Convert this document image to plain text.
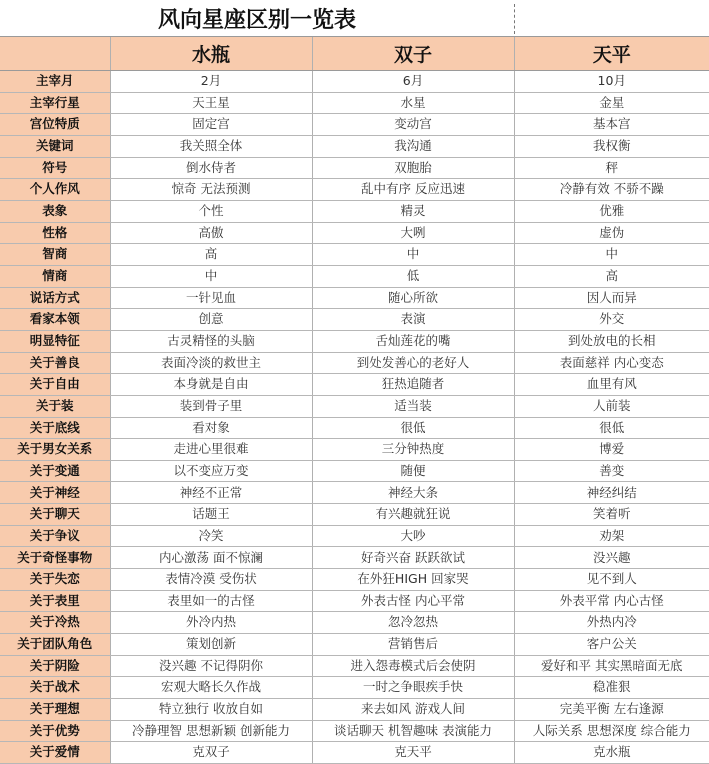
风向星座区别一览表
	水瓶	双子	天平
主宰月	2月	6月	10月
主宰行星	天王星	水星	金星
宫位特质	固定宫	变动宫	基本宫
关键词	我关照全体	我沟通	我权衡
符号	倒水侍者	双胞胎	秤
个人作风	惊奇 无法预测	乱中有序 反应迅速	冷静有效 不骄不躁
表象	个性	精灵	优雅
性格	高傲	大咧	虚伪
智商	高	中	中
情商	中	低	高
说话方式	一针见血	随心所欲	因人而异
看家本领	创意	表演	外交
明显特征	古灵精怪的头脑	舌灿莲花的嘴	到处放电的长相
关于善良	表面冷淡的救世主	到处发善心的老好人	表面慈祥 内心变态
关于自由	本身就是自由	狂热追随者	血里有风
关于装	装到骨子里	适当装	人前装
关于底线	看对象	很低	很低
关于男女关系	走进心里很难	三分钟热度	博爱
关于变通	以不变应万变	随便	善变
关于神经	神经不正常	神经大条	神经纠结
关于聊天	话题王	有兴趣就狂说	笑着听
关于争议	冷笑	大吵	劝架
关于奇怪事物	内心激荡 面不惊澜	好奇兴奋 跃跃欲试	没兴趣
关于失恋	表情冷漠 受伤状	在外狂HIGH 回家哭	见不到人
关于表里	表里如一的古怪	外表古怪 内心平常	外表平常 内心古怪
关于冷热	外冷内热	忽冷忽热	外热内冷
关于团队角色	策划创新	营销售后	客户公关
关于阴险	没兴趣 不记得阴你	进入怨毒模式后会使阴	爱好和平 其实黑暗面无底
关于战术	宏观大略长久作战	一时之争眼疾手快	稳准狠
关于理想	特立独行 收放自如	来去如风 游戏人间	完美平衡 左右逢源
关于优势	冷静理智 思想新颖 创新能力	谈话聊天 机智趣味 表演能力	人际关系 思想深度 综合能力
关于爱情	克双子	克天平	克水瓶
